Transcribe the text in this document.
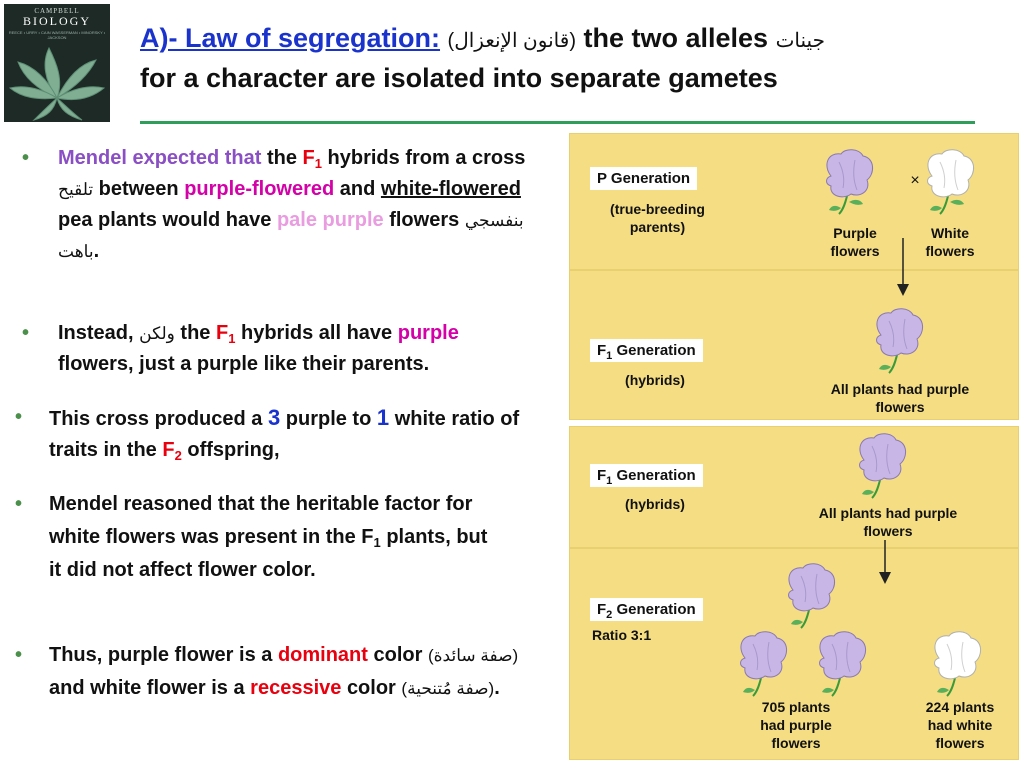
CAMPBELL
BIOLOGY
REECE • URRY • CAIN WASSERMAN • MINORSKY • JACKSON	A)- Law of segregation: (قانون الإنعزال) the two alleles جينات
for a character are isolated into separate gametes
• Mendel expected that the $F_1$ hybrids from a cross تلقيح between purple-flowered and white-flowered pea plants would have pale purple flowers بنفسجي باهت.
• Instead, ولكن the $F_1$ hybrids all have purple flowers, just a purple like their parents.
• This cross produced a 3 purple to 1 white ratio of traits in the $F_2$ offspring,
• Mendel reasoned that the heritable factor for white flowers was present in the $F_1$ plants, but it did not affect flower color.
• Thus, purple flower is a dominant color (صفة سائدة) and white flower is a recessive color (صفة مُتنحية).
P Generation
(true-breeding parents)
×
Purple flowers
White flowers
$F_1$ Generation
(hybrids)
All plants had purple flowers
$F_1$ Generation
(hybrids)
All plants had purple flowers
$F_2$ Generation
Ratio 3:1
705 plants had purple flowers
224 plants had white flowers
